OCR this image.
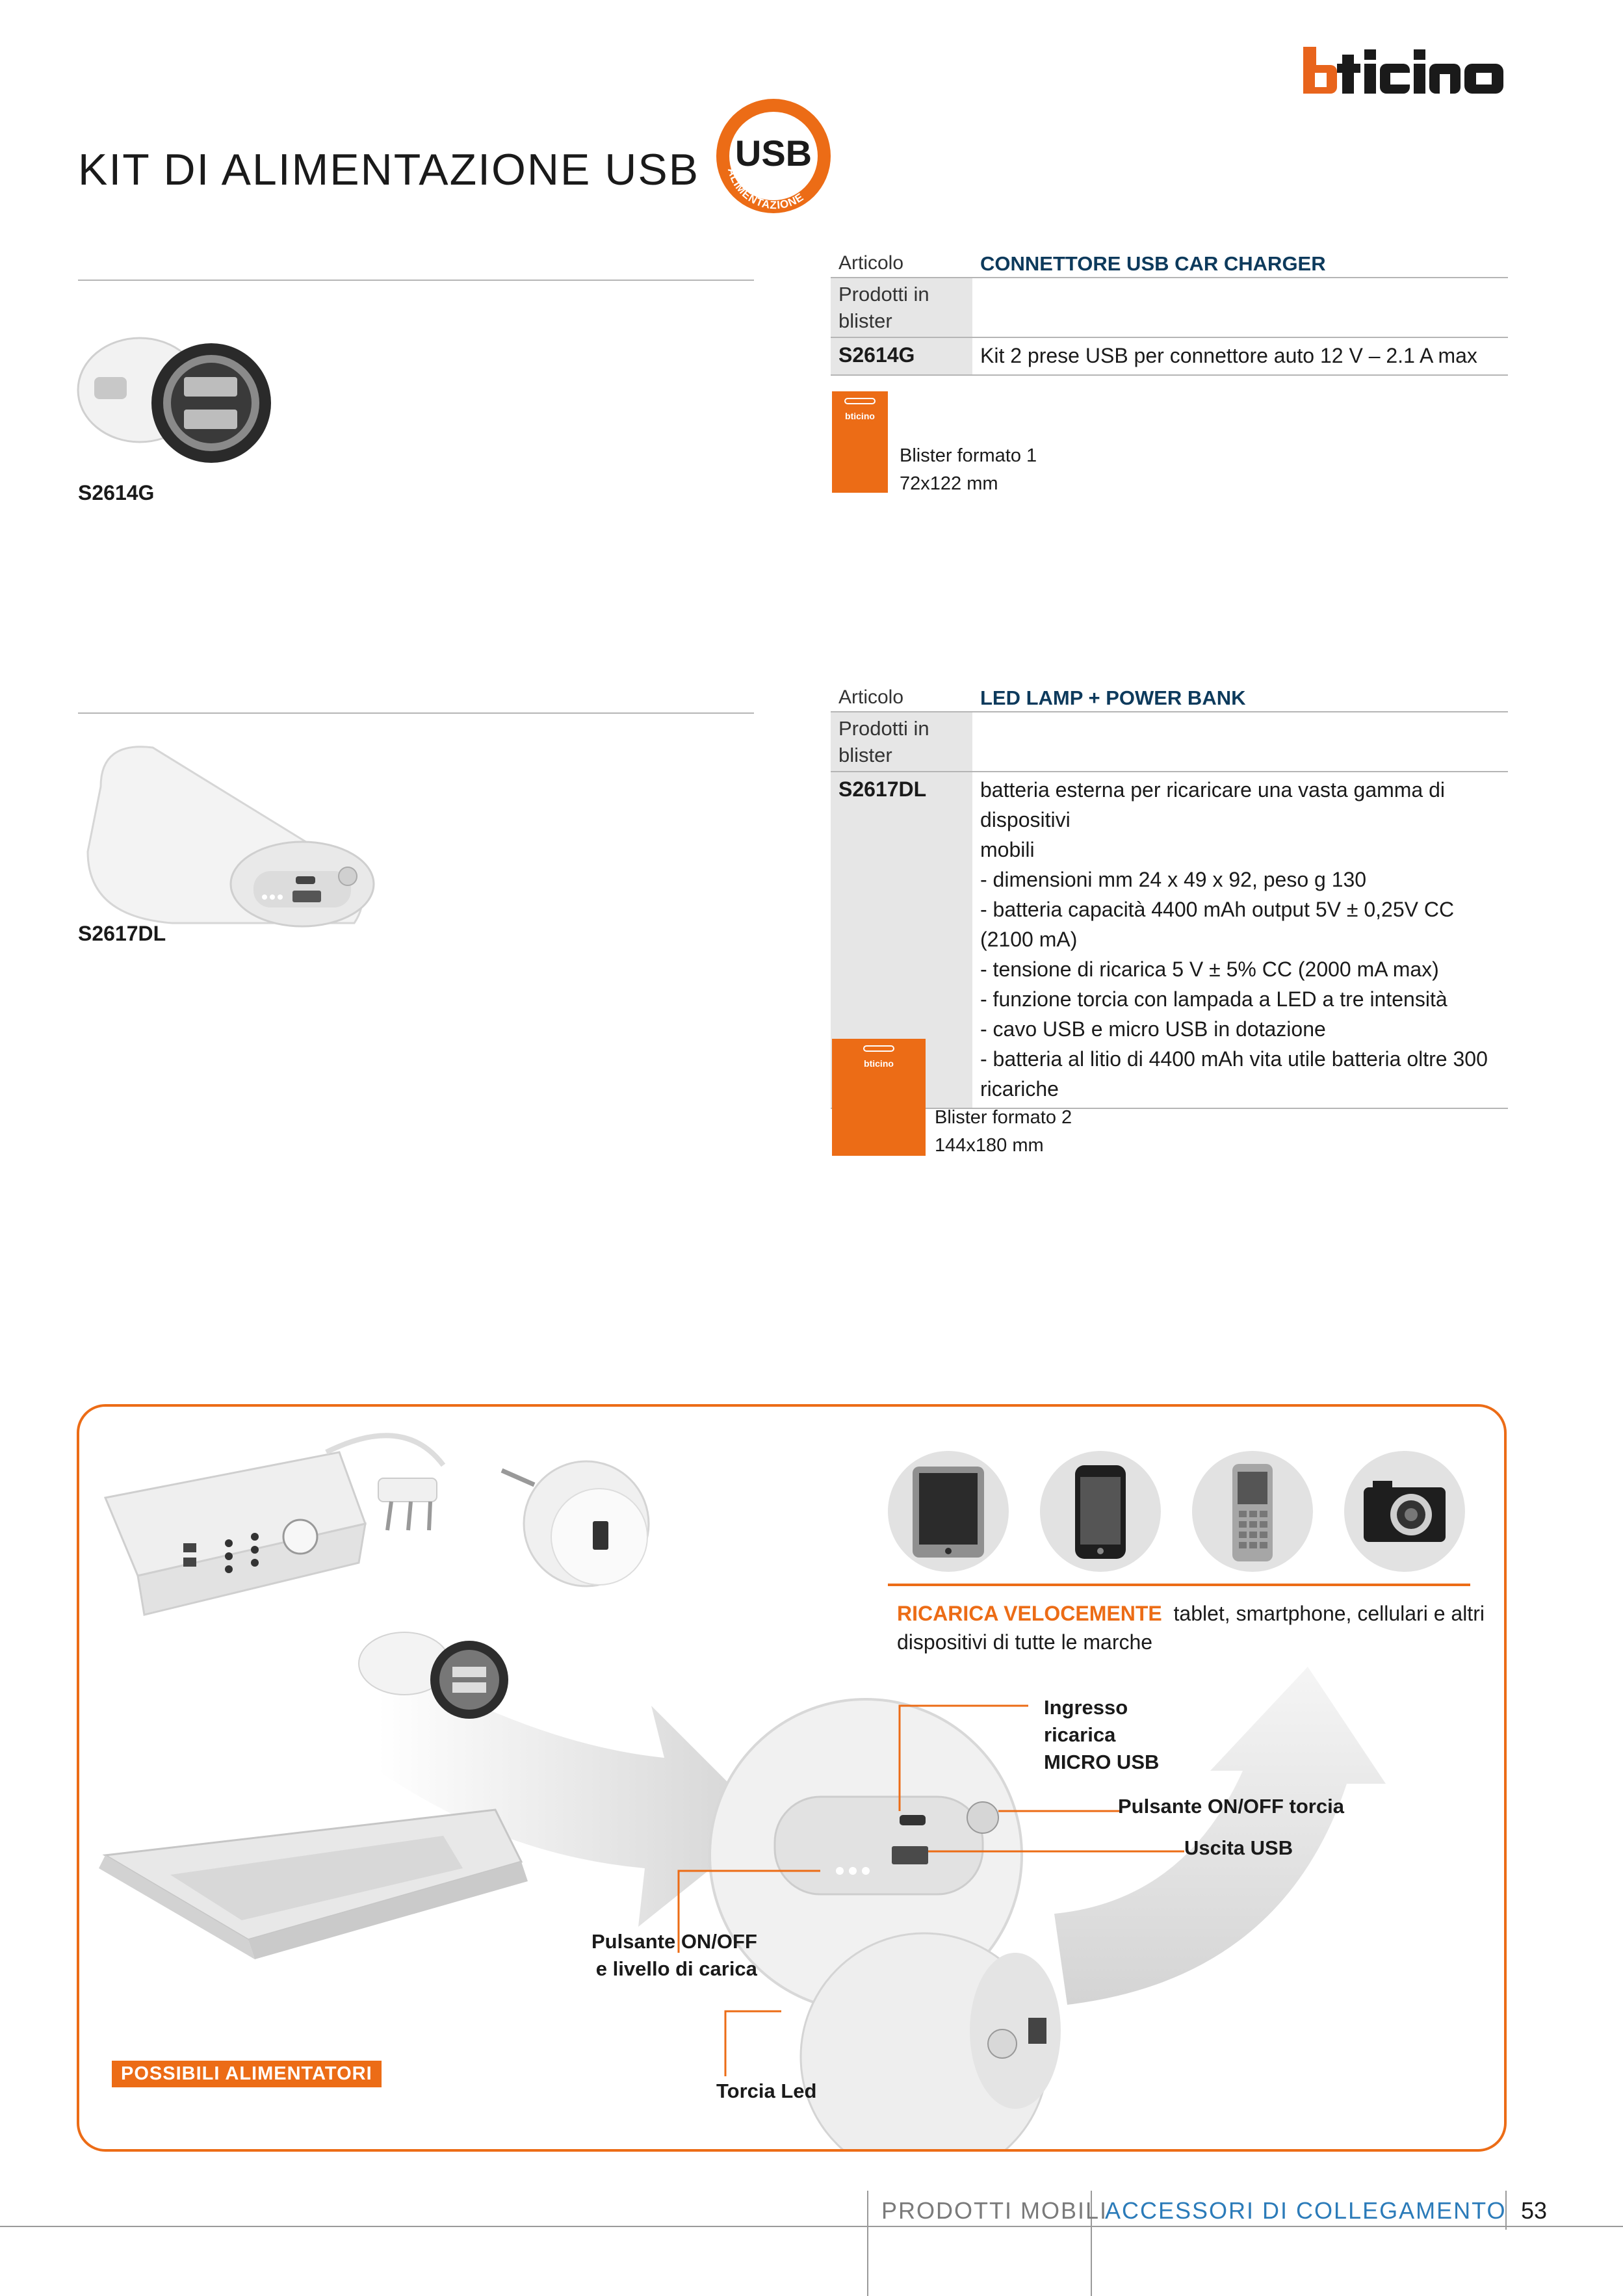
KIT DI ALIMENTAZIONE USB USB
ALIMENTAZIONE
S2614G
Articolo	CONNETTORE USB CAR CHARGER
Prodotti in blister
S2614G	Kit 2 prese USB per connettore auto 12 V – 2.1 A max
bticino
Blister formato 1
72x122 mm
S2617DL
Articolo	LED LAMP + POWER BANK
Prodotti in blister
S2617DL	batteria esterna per ricaricare una vasta gamma di dispositivi
mobili
- dimensioni mm 24 x 49 x 92, peso g 130
- batteria capacità 4400 mAh output 5V ± 0,25V CC (2100 mA)
- tensione di ricarica 5 V ± 5% CC (2000 mA max)
- funzione torcia con lampada a LED a tre intensità
- cavo USB e micro USB in dotazione
- batteria al litio di 4400 mAh vita utile batteria oltre 300 ricariche
bticino
Blister formato 2
144x180 mm
RICARICA VELOCEMENTE tablet, smartphone, cellulari e altri dispositivi di tutte le marche
Ingresso
ricarica
MICRO USB
Pulsante ON/OFF torcia
Uscita USB
Pulsante ON/OFF
e livello di carica
Torcia Led
POSSIBILI ALIMENTATORI
PRODOTTI MOBILI
ACCESSORI DI COLLEGAMENTO 53
